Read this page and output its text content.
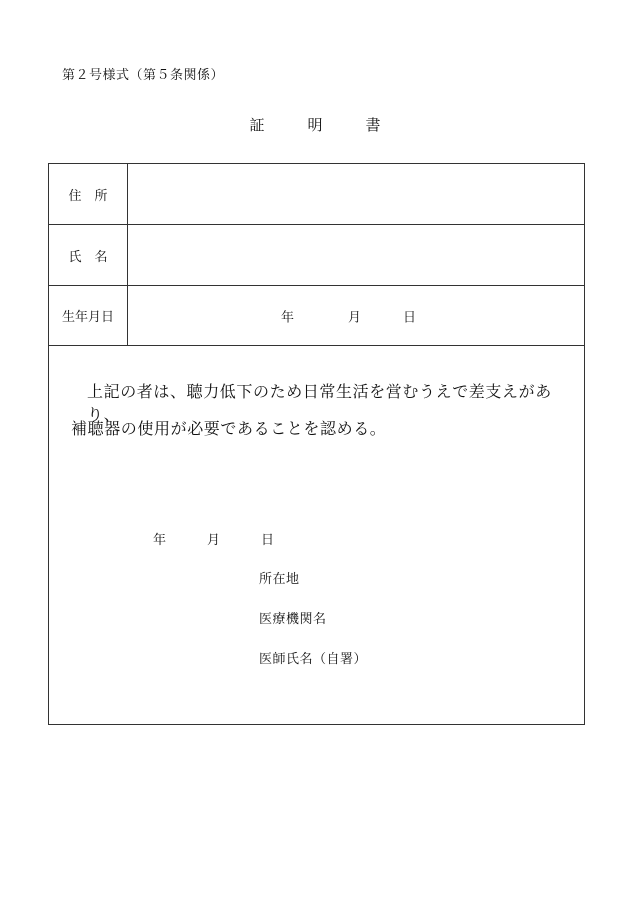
第２号様式（第５条関係）
証　明　書
住　所
氏　名
生年月日	年	月	日
上記の者は、聴力低下のため日常生活を営むうえで差支えがあり、
補聴器の使用が必要であることを認める。
年	月	日
所在地
医療機関名
医師氏名（自署）
